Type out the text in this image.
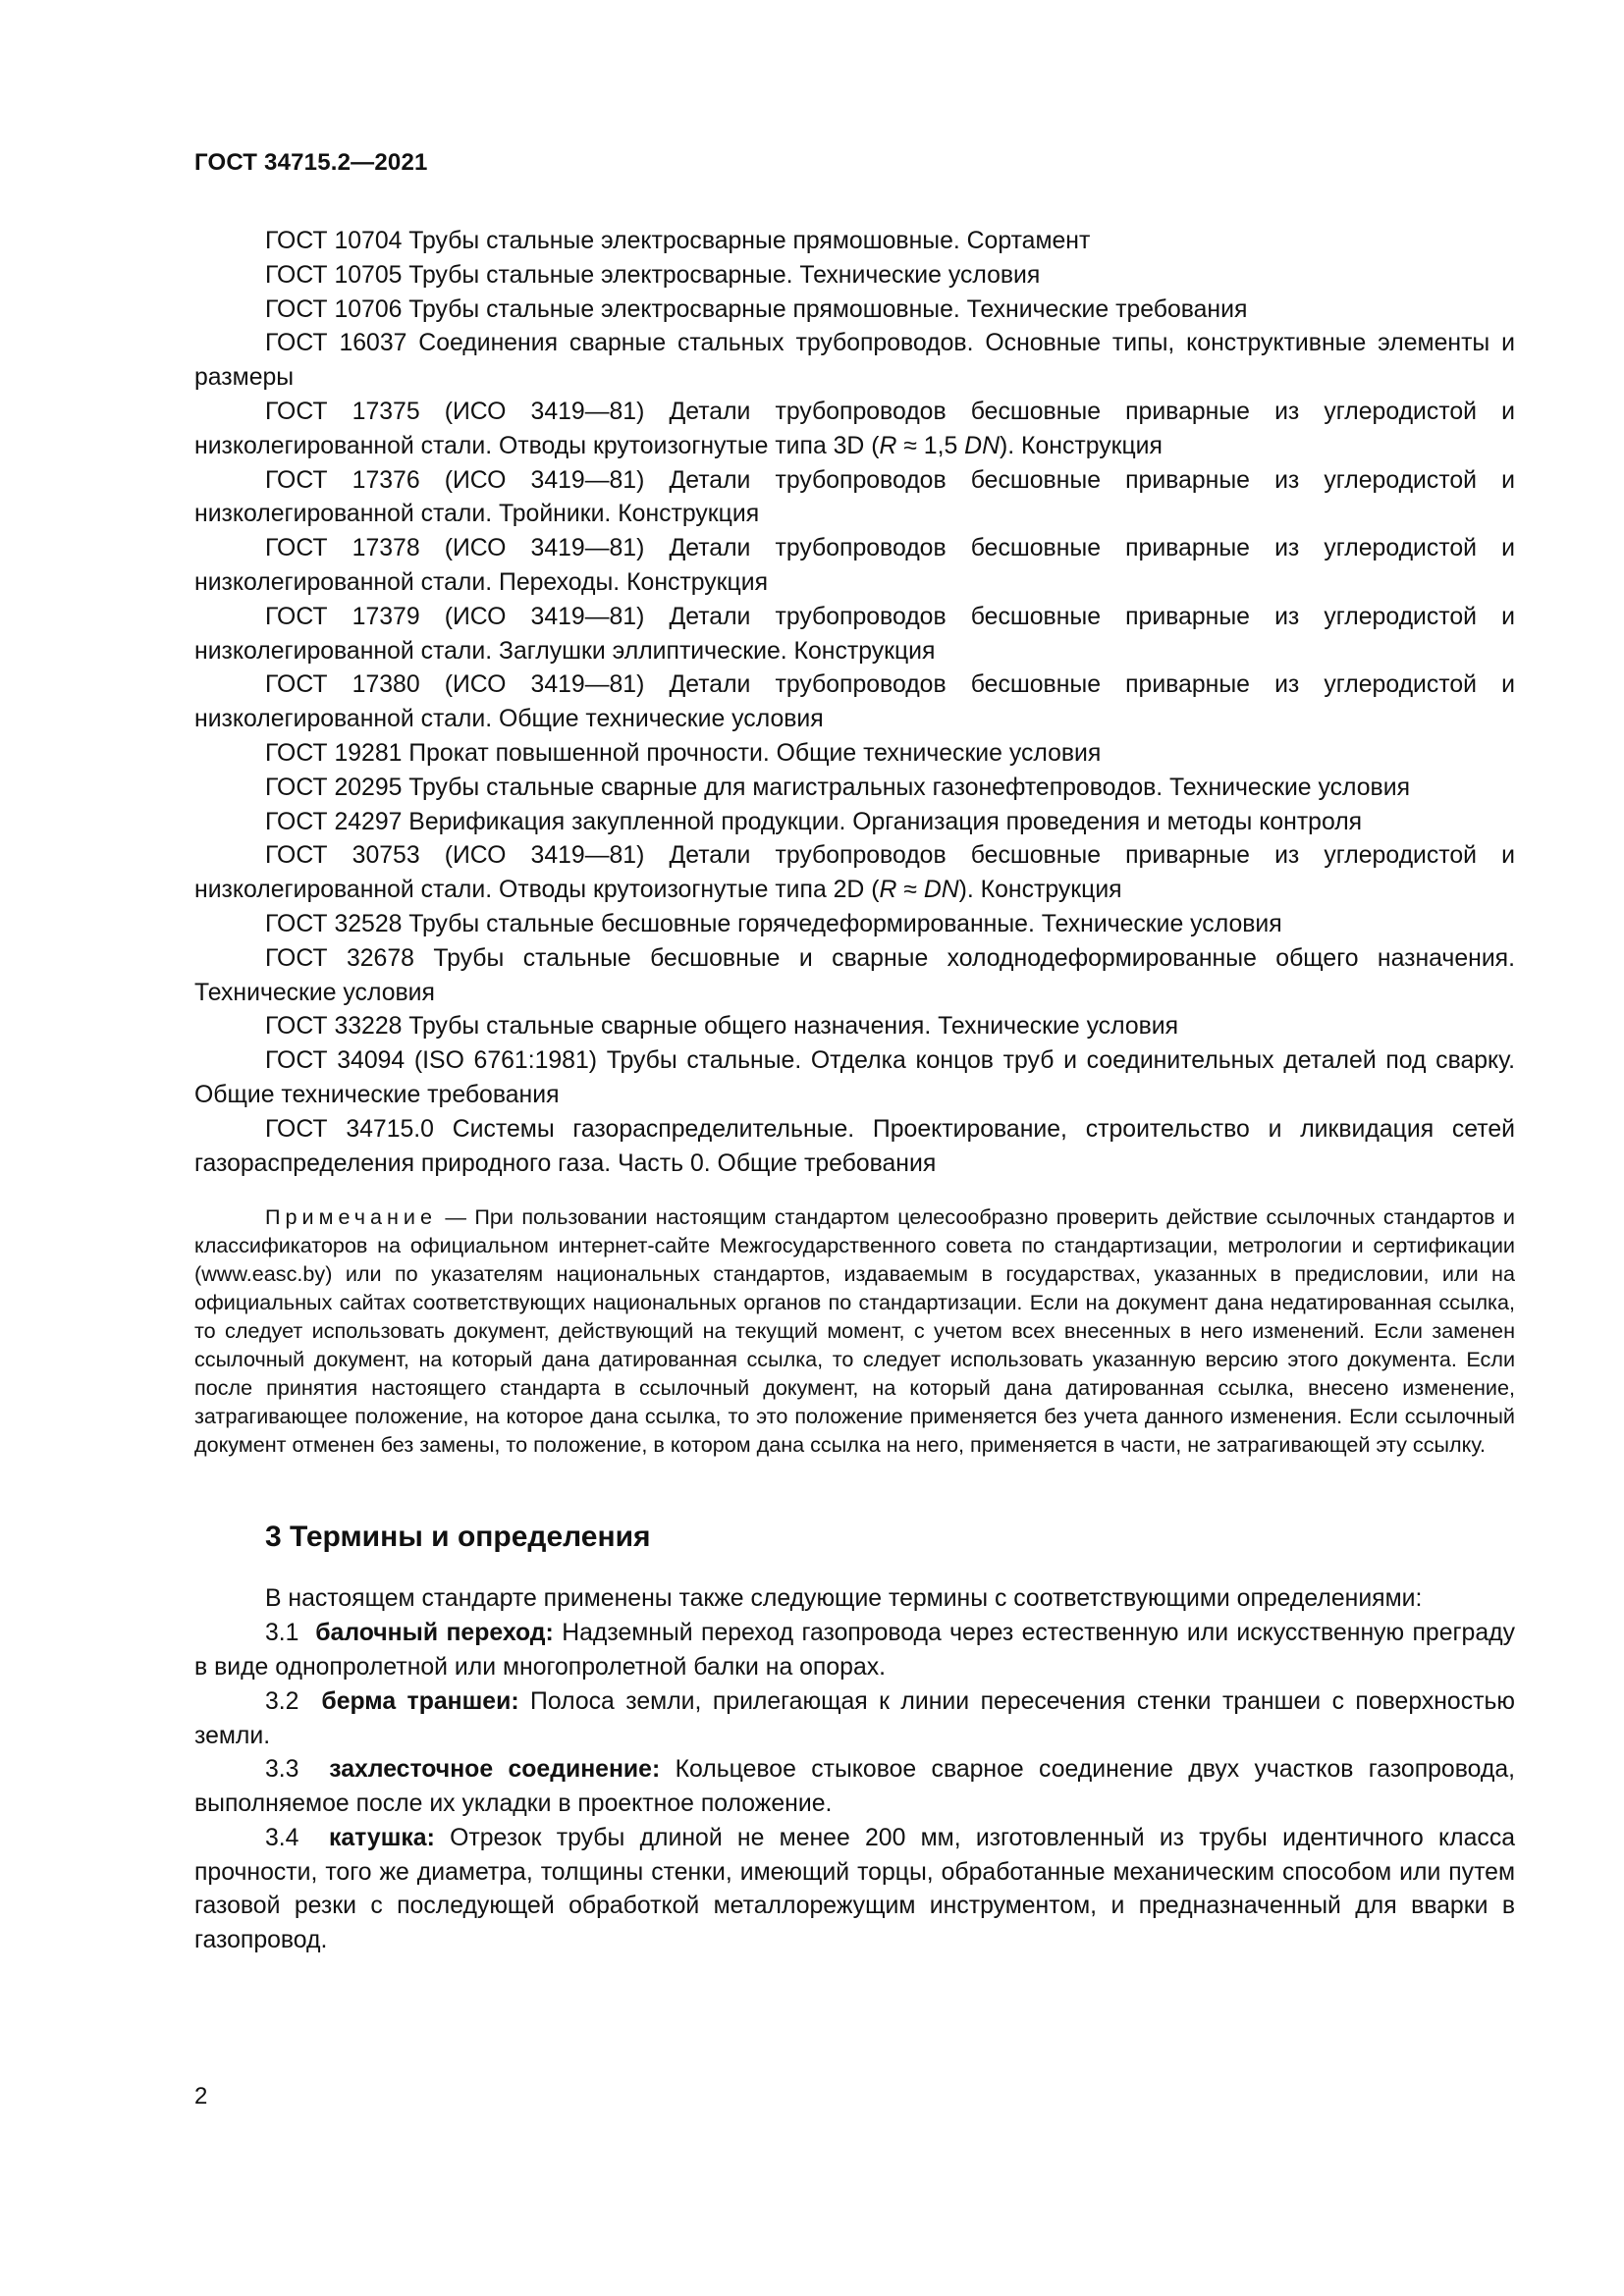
ГОСТ 34715.2—2021

ГОСТ 10704 Трубы стальные электросварные прямошовные. Сортамент

ГОСТ 10705 Трубы стальные электросварные. Технические условия

ГОСТ 10706 Трубы стальные электросварные прямошовные. Технические требования

ГОСТ 16037 Соединения сварные стальных трубопроводов. Основные типы, конструктивные элементы и размеры

ГОСТ 17375 (ИСО 3419—81) Детали трубопроводов бесшовные приварные из углеродистой и низколегированной стали. Отводы крутоизогнутые типа 3D (R ≈ 1,5 DN). Конструкция

ГОСТ 17376 (ИСО 3419—81) Детали трубопроводов бесшовные приварные из углеродистой и низколегированной стали. Тройники. Конструкция

ГОСТ 17378 (ИСО 3419—81) Детали трубопроводов бесшовные приварные из углеродистой и низколегированной стали. Переходы. Конструкция

ГОСТ 17379 (ИСО 3419—81) Детали трубопроводов бесшовные приварные из углеродистой и низколегированной стали. Заглушки эллиптические. Конструкция

ГОСТ 17380 (ИСО 3419—81) Детали трубопроводов бесшовные приварные из углеродистой и низколегированной стали. Общие технические условия

ГОСТ 19281 Прокат повышенной прочности. Общие технические условия

ГОСТ 20295 Трубы стальные сварные для магистральных газонефтепроводов. Технические условия

ГОСТ 24297 Верификация закупленной продукции. Организация проведения и методы контроля

ГОСТ 30753 (ИСО 3419—81) Детали трубопроводов бесшовные приварные из углеродистой и низколегированной стали. Отводы крутоизогнутые типа 2D (R ≈ DN). Конструкция

ГОСТ 32528 Трубы стальные бесшовные горячедеформированные. Технические условия

ГОСТ 32678 Трубы стальные бесшовные и сварные холоднодеформированные общего назначения. Технические условия

ГОСТ 33228 Трубы стальные сварные общего назначения. Технические условия

ГОСТ 34094 (ISO 6761:1981) Трубы стальные. Отделка концов труб и соединительных деталей под сварку. Общие технические требования

ГОСТ 34715.0 Системы газораспределительные. Проектирование, строительство и ликвидация сетей газораспределения природного газа. Часть 0. Общие требования

Примечание — При пользовании настоящим стандартом целесообразно проверить действие ссылочных стандартов и классификаторов на официальном интернет-сайте Межгосударственного совета по стандартизации, метрологии и сертификации (www.easc.by) или по указателям национальных стандартов, издаваемым в государствах, указанных в предисловии, или на официальных сайтах соответствующих национальных органов по стандартизации. Если на документ дана недатированная ссылка, то следует использовать документ, действующий на текущий момент, с учетом всех внесенных в него изменений. Если заменен ссылочный документ, на который дана датированная ссылка, то следует использовать указанную версию этого документа. Если после принятия настоящего стандарта в ссылочный документ, на который дана датированная ссылка, внесено изменение, затрагивающее положение, на которое дана ссылка, то это положение применяется без учета данного изменения. Если ссылочный документ отменен без замены, то положение, в котором дана ссылка на него, применяется в части, не затрагивающей эту ссылку.

3 Термины и определения

В настоящем стандарте применены также следующие термины с соответствующими определениями:

3.1 балочный переход: Надземный переход газопровода через естественную или искусственную преграду в виде однопролетной или многопролетной балки на опорах.

3.2 берма траншеи: Полоса земли, прилегающая к линии пересечения стенки траншеи с поверхностью земли.

3.3 захлесточное соединение: Кольцевое стыковое сварное соединение двух участков газопровода, выполняемое после их укладки в проектное положение.

3.4 катушка: Отрезок трубы длиной не менее 200 мм, изготовленный из трубы идентичного класса прочности, того же диаметра, толщины стенки, имеющий торцы, обработанные механическим способом или путем газовой резки с последующей обработкой металлорежущим инструментом, и предназначенный для вварки в газопровод.

2
